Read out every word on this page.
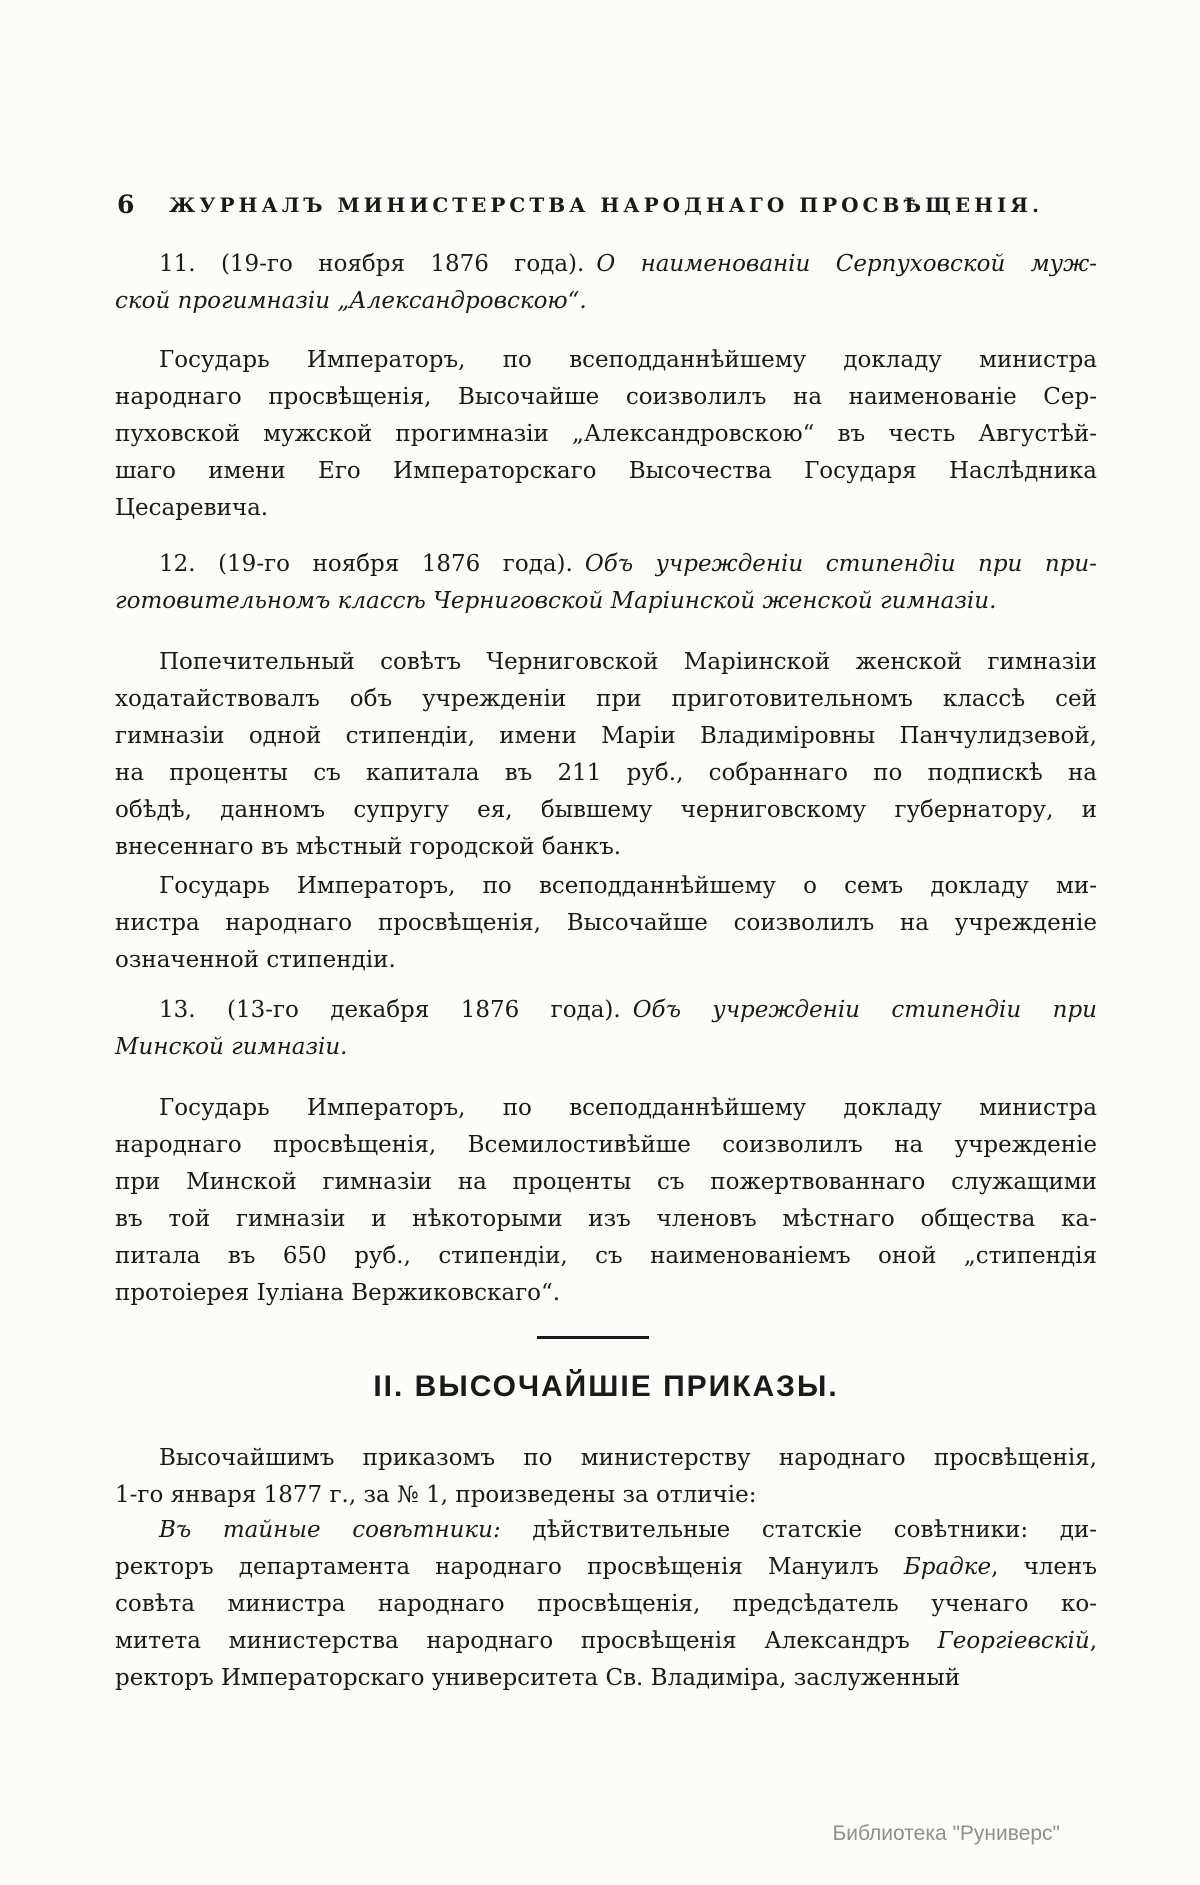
6	ЖУРНАЛЪ МИНИСТЕРСТВА НАРОДНАГО ПРОСВѢЩЕНІЯ.
11. (19-го ноября 1876 года). О наименованіи Серпуховской муж-
ской прогимназіи „Александровскою“.
Государь Императоръ, по всеподданнѣйшему докладу министра
народнаго просвѣщенія, Высочайше соизволилъ на наименованіе Сер-
пуховской мужской прогимназіи „Александровскою“ въ честь Августѣй-
шаго имени Его Императорскаго Высочества Государя Наслѣдника
Цесаревича.
12. (19-го ноября 1876 года). Объ учрежденіи стипендіи при при-
готовительномъ классѣ Черниговской Маріинской женской гимназіи.
Попечительный совѣтъ Черниговской Маріинской женской гимназіи
ходатайствовалъ объ учрежденіи при приготовительномъ классѣ сей
гимназіи одной стипендіи, имени Маріи Владиміровны Панчулидзевой,
на проценты съ капитала въ 211 руб., собраннаго по подпискѣ на
обѣдѣ, данномъ супругу ея, бывшему черниговскому губернатору, и
внесеннаго въ мѣстный городской банкъ.
Государь Императоръ, по всеподданнѣйшему о семъ докладу ми-
нистра народнаго просвѣщенія, Высочайше соизволилъ на учрежденіе
означенной стипендіи.
13. (13-го декабря 1876 года). Объ учрежденіи стипендіи при
Минской гимназіи.
Государь Императоръ, по всеподданнѣйшему докладу министра
народнаго просвѣщенія, Всемилостивѣйше соизволилъ на учрежденіе
при Минской гимназіи на проценты съ пожертвованнаго служащими
въ той гимназіи и нѣкоторыми изъ членовъ мѣстнаго общества ка-
питала въ 650 руб., стипендіи, съ наименованіемъ оной „стипендія
протоіерея Іуліана Вержиковскаго“.
II. ВЫСОЧАЙШІЕ ПРИКАЗЫ.
Высочайшимъ приказомъ по министерству народнаго просвѣщенія,
1-го января 1877 г., за № 1, произведены за отличіе:
Въ тайные совѣтники: дѣйствительные статскіе совѣтники: ди-
ректоръ департамента народнаго просвѣщенія Мануилъ Брадке, членъ
совѣта министра народнаго просвѣщенія, предсѣдатель ученаго ко-
митета министерства народнаго просвѣщенія Александръ Георгіевскій,
ректоръ Императорскаго университета Св. Владиміра, заслуженный
Библиотека "Руниверс"
